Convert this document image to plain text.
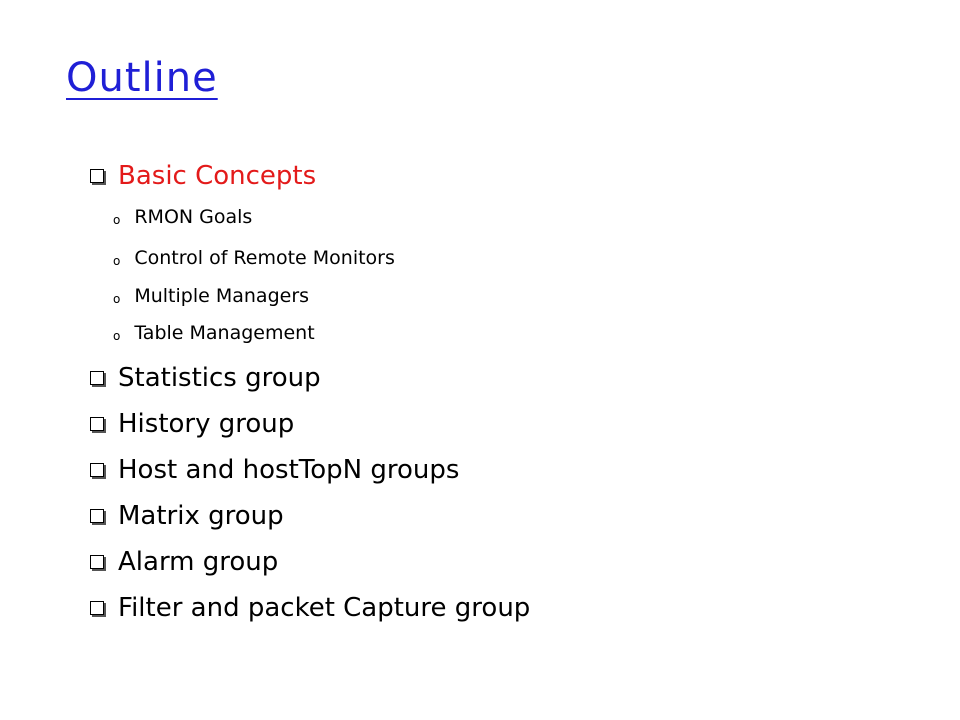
Outline
Basic Concepts
o RMON Goals
o Control of Remote Monitors
o Multiple Managers
o Table Management
Statistics group
History group
Host and hostTopN groups
Matrix group
Alarm group
Filter and packet Capture group
